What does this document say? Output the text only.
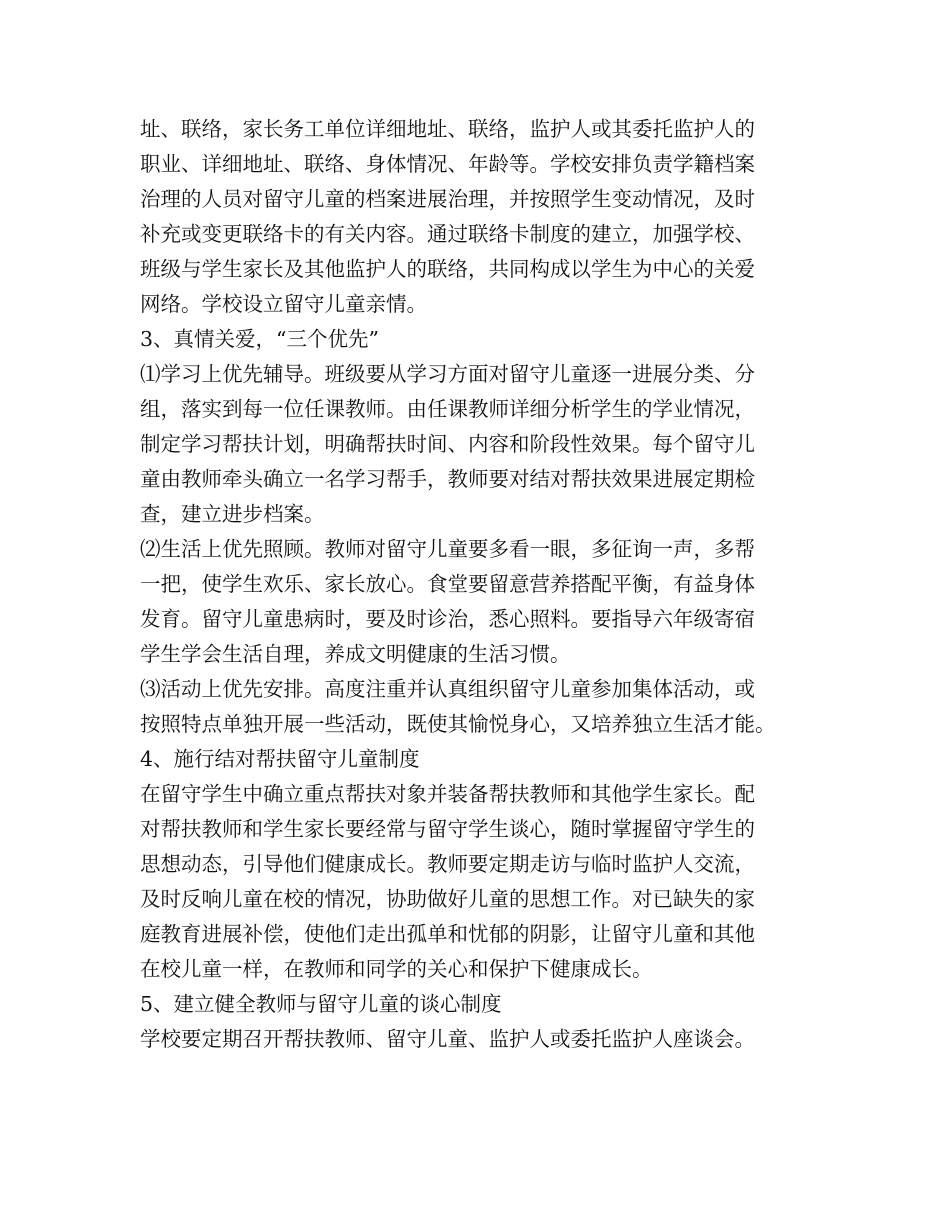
址、联络，家长务工单位详细地址、联络，监护人或其委托监护人的
职业、详细地址、联络、身体情况、年龄等。学校安排负责学籍档案
治理的人员对留守儿童的档案进展治理，并按照学生变动情况，及时
补充或变更联络卡的有关内容。通过联络卡制度的建立，加强学校、
班级与学生家长及其他监护人的联络，共同构成以学生为中心的关爱
网络。学校设立留守儿童亲情。
3、真情关爱，“三个优先”
⑴学习上优先辅导。班级要从学习方面对留守儿童逐一进展分类、分
组，落实到每一位任课教师。由任课教师详细分析学生的学业情况，
制定学习帮扶计划，明确帮扶时间、内容和阶段性效果。每个留守儿
童由教师牵头确立一名学习帮手，教师要对结对帮扶效果进展定期检
查，建立进步档案。
⑵生活上优先照顾。教师对留守儿童要多看一眼，多征询一声，多帮
一把，使学生欢乐、家长放心。食堂要留意营养搭配平衡，有益身体
发育。留守儿童患病时，要及时诊治，悉心照料。要指导六年级寄宿
学生学会生活自理，养成文明健康的生活习惯。
⑶活动上优先安排。高度注重并认真组织留守儿童参加集体活动，或
按照特点单独开展一些活动，既使其愉悦身心，又培养独立生活才能。
4、施行结对帮扶留守儿童制度
在留守学生中确立重点帮扶对象并装备帮扶教师和其他学生家长。配
对帮扶教师和学生家长要经常与留守学生谈心，随时掌握留守学生的
思想动态，引导他们健康成长。教师要定期走访与临时监护人交流，
及时反响儿童在校的情况，协助做好儿童的思想工作。对已缺失的家
庭教育进展补偿，使他们走出孤单和忧郁的阴影，让留守儿童和其他
在校儿童一样，在教师和同学的关心和保护下健康成长。
5、建立健全教师与留守儿童的谈心制度
学校要定期召开帮扶教师、留守儿童、监护人或委托监护人座谈会。
